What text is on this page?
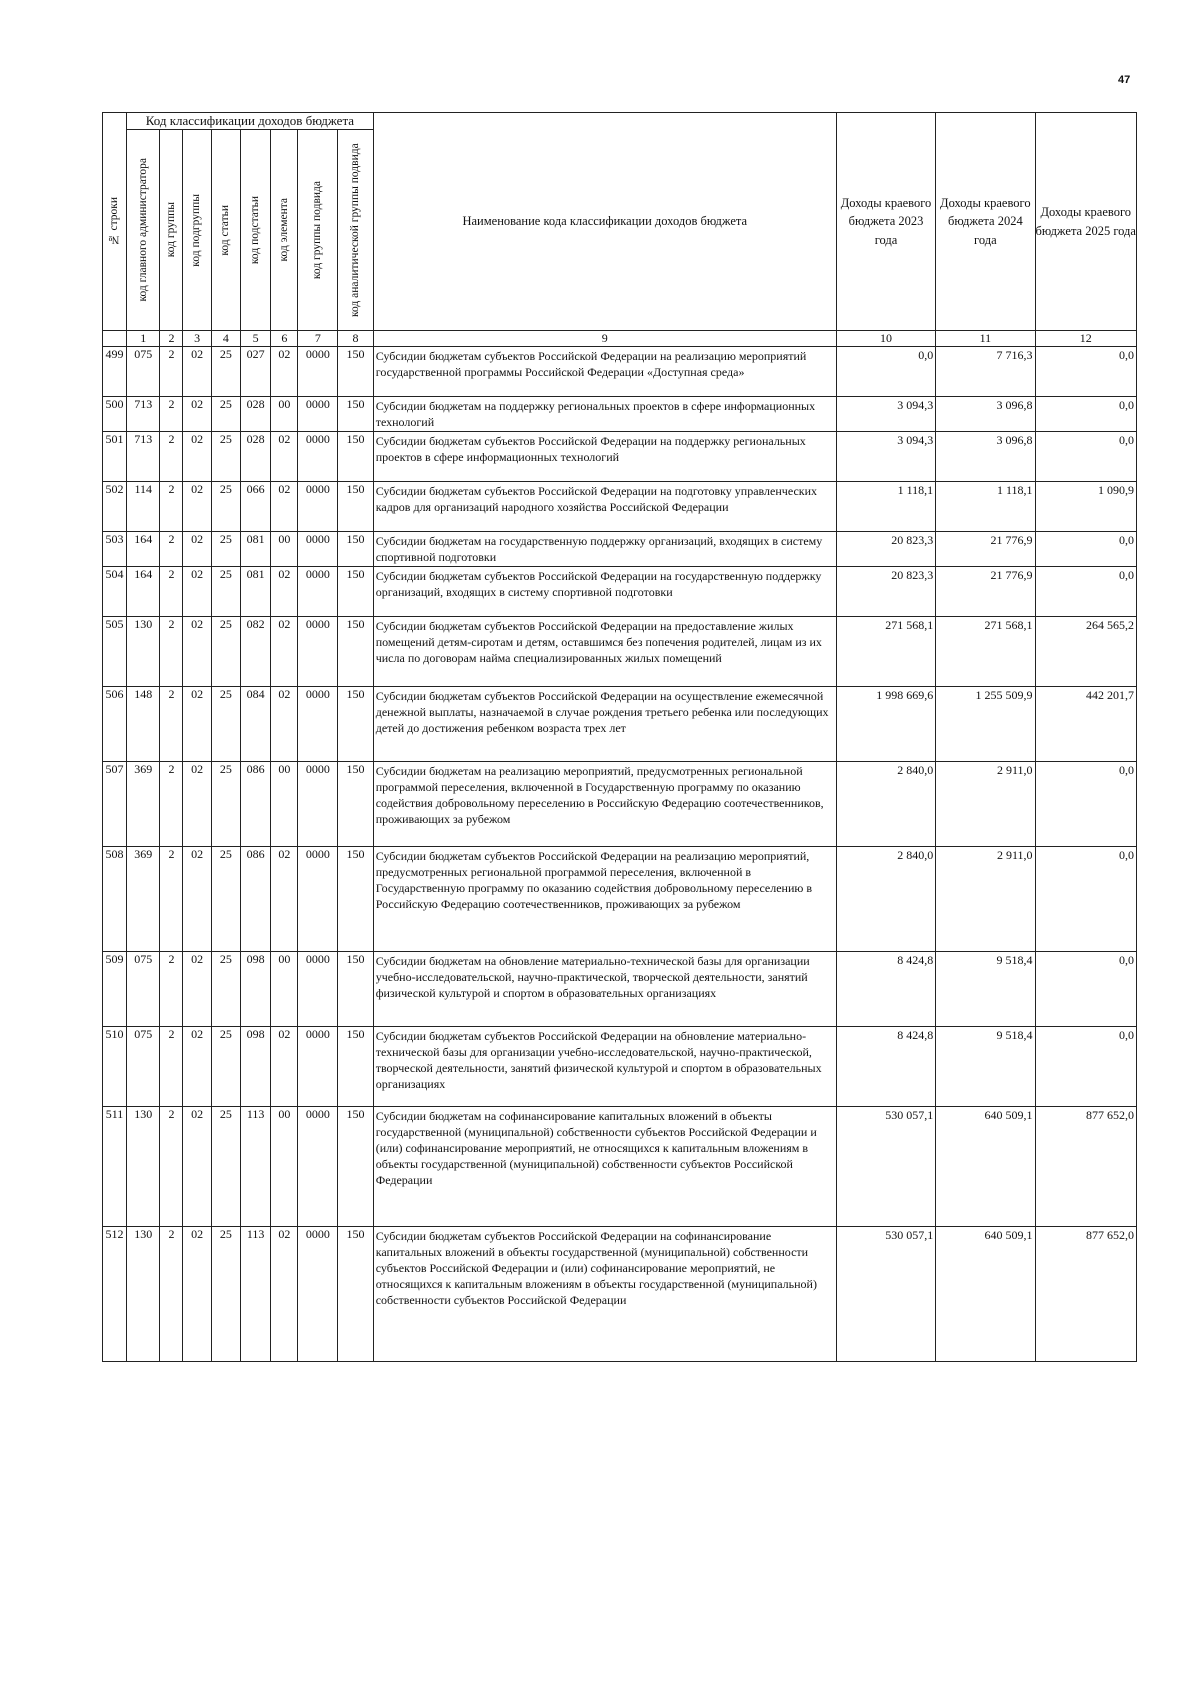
47
№ строки	Код классификации доходов бюджета								Наименование кода классификации доходов бюджета	Доходы краевого бюджета 2023 года	Доходы краевого бюджета 2024 года	Доходы краевого бюджета 2025 года

	код главного администратора	код группы	код подгруппы	код статьи	код подстатьи	код элемента	код группы подвида	код аналитической группы подвида				

	1	2	3	4	5	6	7	8	9	10	11	12
499	075	2	02	25	027	02	0000	150	Субсидии бюджетам субъектов Российской Федерации на реализацию мероприятий государственной программы Российской Федерации «Доступная среда»	0,0	7 716,3	0,0
500	713	2	02	25	028	00	0000	150	Субсидии бюджетам на поддержку региональных проектов в сфере информационных технологий	3 094,3	3 096,8	0,0
501	713	2	02	25	028	02	0000	150	Субсидии бюджетам субъектов Российской Федерации на поддержку региональных проектов в сфере информационных технологий	3 094,3	3 096,8	0,0
502	114	2	02	25	066	02	0000	150	Субсидии бюджетам субъектов Российской Федерации на подготовку управленческих кадров для организаций народного хозяйства Российской Федерации	1 118,1	1 118,1	1 090,9
503	164	2	02	25	081	00	0000	150	Субсидии бюджетам на государственную поддержку организаций, входящих в систему спортивной подготовки	20 823,3	21 776,9	0,0
504	164	2	02	25	081	02	0000	150	Субсидии бюджетам субъектов Российской Федерации на государственную поддержку организаций, входящих в систему спортивной подготовки	20 823,3	21 776,9	0,0
505	130	2	02	25	082	02	0000	150	Субсидии бюджетам субъектов Российской Федерации на предоставление жилых помещений детям-сиротам и детям, оставшимся без попечения родителей, лицам из их числа по договорам найма специализированных жилых помещений	271 568,1	271 568,1	264 565,2
506	148	2	02	25	084	02	0000	150	Субсидии бюджетам субъектов Российской Федерации на осуществление ежемесячной денежной выплаты, назначаемой в случае рождения третьего ребенка или последующих детей до достижения ребенком возраста трех лет	1 998 669,6	1 255 509,9	442 201,7
507	369	2	02	25	086	00	0000	150	Субсидии бюджетам на реализацию мероприятий, предусмотренных региональной программой переселения, включенной в Государственную программу по оказанию содействия добровольному переселению в Российскую Федерацию соотечественников, проживающих за рубежом	2 840,0	2 911,0	0,0
508	369	2	02	25	086	02	0000	150	Субсидии бюджетам субъектов Российской Федерации на реализацию мероприятий, предусмотренных региональной программой переселения, включенной в Государственную программу по оказанию содействия добровольному переселению в Российскую Федерацию соотечественников, проживающих за рубежом	2 840,0	2 911,0	0,0
509	075	2	02	25	098	00	0000	150	Субсидии бюджетам на обновление материально-технической базы для организации учебно-исследовательской, научно-практической, творческой деятельности, занятий физической культурой и спортом в образовательных организациях	8 424,8	9 518,4	0,0
510	075	2	02	25	098	02	0000	150	Субсидии бюджетам субъектов Российской Федерации на обновление материально-технической базы для организации учебно-исследовательской, научно-практической, творческой деятельности, занятий физической культурой и спортом в образовательных организациях	8 424,8	9 518,4	0,0
511	130	2	02	25	113	00	0000	150	Субсидии бюджетам на софинансирование капитальных вложений в объекты государственной (муниципальной) собственности субъектов Российской Федерации и (или) софинансирование мероприятий, не относящихся к капитальным вложениям в объекты государственной (муниципальной) собственности субъектов Российской Федерации	530 057,1	640 509,1	877 652,0
512	130	2	02	25	113	02	0000	150	Субсидии бюджетам субъектов Российской Федерации на софинансирование капитальных вложений в объекты государственной (муниципальной) собственности субъектов Российской Федерации и (или) софинансирование мероприятий, не относящихся к капитальным вложениям в объекты государственной (муниципальной) собственности субъектов Российской Федерации	530 057,1	640 509,1	877 652,0
